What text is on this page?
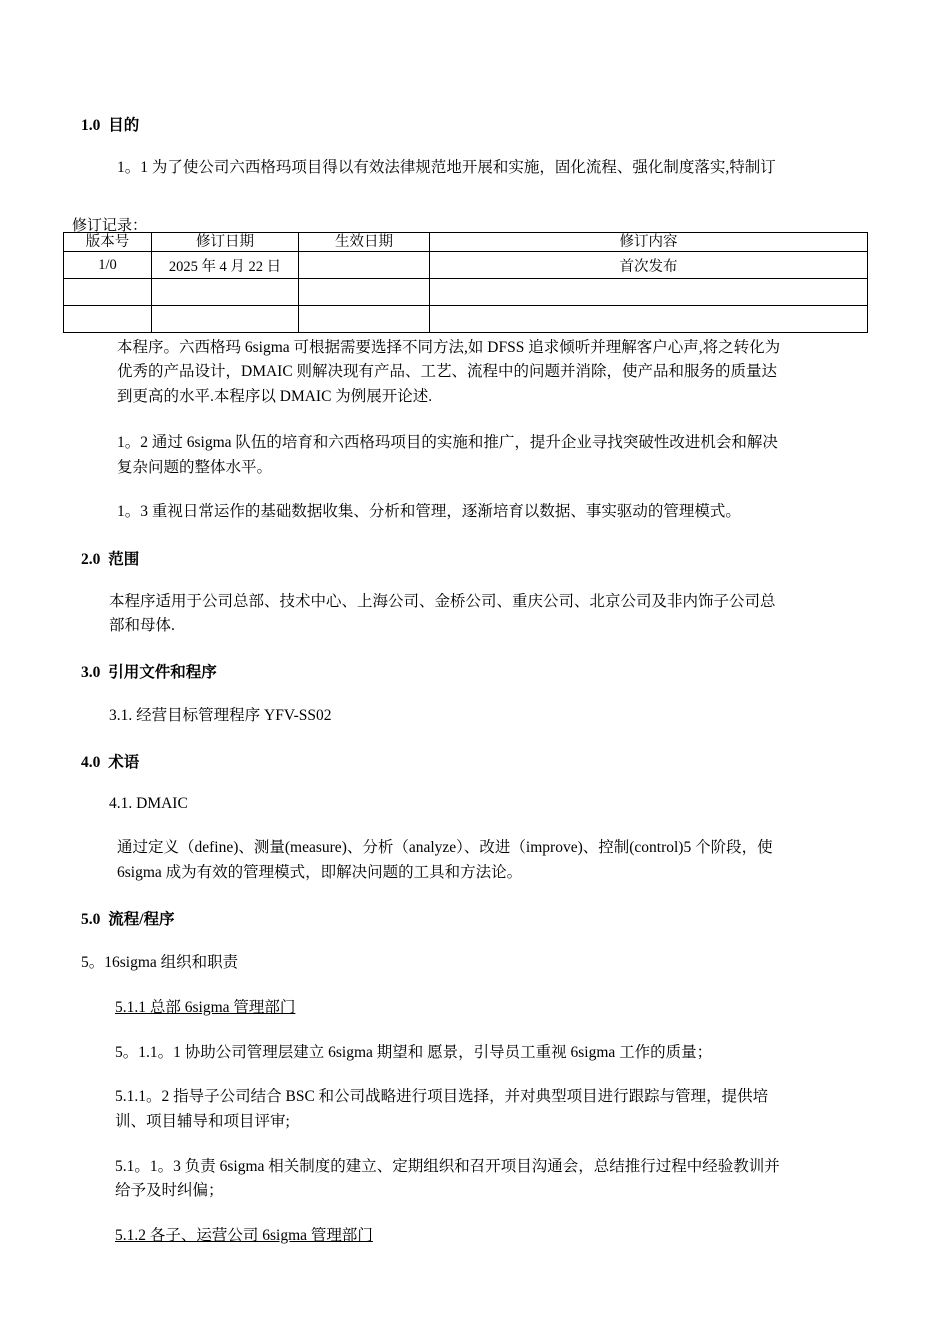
1.0 目的
1。1 为了使公司六西格玛项目得以有效法律规范地开展和实施，固化流程、强化制度落实,特制订
修订记录：
版本号	修订日期	生效日期	修订内容
1/0	2025 年 4 月 22 日		首次发布

本程序。六西格玛 6sigma 可根据需要选择不同方法,如 DFSS 追求倾听并理解客户心声,将之转化为
优秀的产品设计，DMAIC 则解决现有产品、工艺、流程中的问题并消除，使产品和服务的质量达
到更高的水平.本程序以 DMAIC 为例展开论述.
1。2 通过 6sigma 队伍的培育和六西格玛项目的实施和推广，提升企业寻找突破性改进机会和解决
复杂问题的整体水平。
1。3 重视日常运作的基础数据收集、分析和管理，逐渐培育以数据、事实驱动的管理模式。
2.0 范围
本程序适用于公司总部、技术中心、上海公司、金桥公司、重庆公司、北京公司及非内饰子公司总
部和母体.
3.0 引用文件和程序
3.1. 经营目标管理程序 YFV-SS02
4.0 术语
4.1. DMAIC
通过定义（define)、测量(measure)、分析（analyze）、改进（improve)、控制(control)5 个阶段，使
6sigma 成为有效的管理模式，即解决问题的工具和方法论。
5.0 流程/程序
5。16sigma 组织和职责
5.1.1 总部 6sigma 管理部门
5。1.1。1 协助公司管理层建立 6sigma 期望和 愿景，引导员工重视 6sigma 工作的质量；
5.1.1。2 指导子公司结合 BSC 和公司战略进行项目选择，并对典型项目进行跟踪与管理，提供培
训、项目辅导和项目评审;
5.1。1。3 负责 6sigma 相关制度的建立、定期组织和召开项目沟通会，总结推行过程中经验教训并
给予及时纠偏；
5.1.2 各子、运营公司 6sigma 管理部门
